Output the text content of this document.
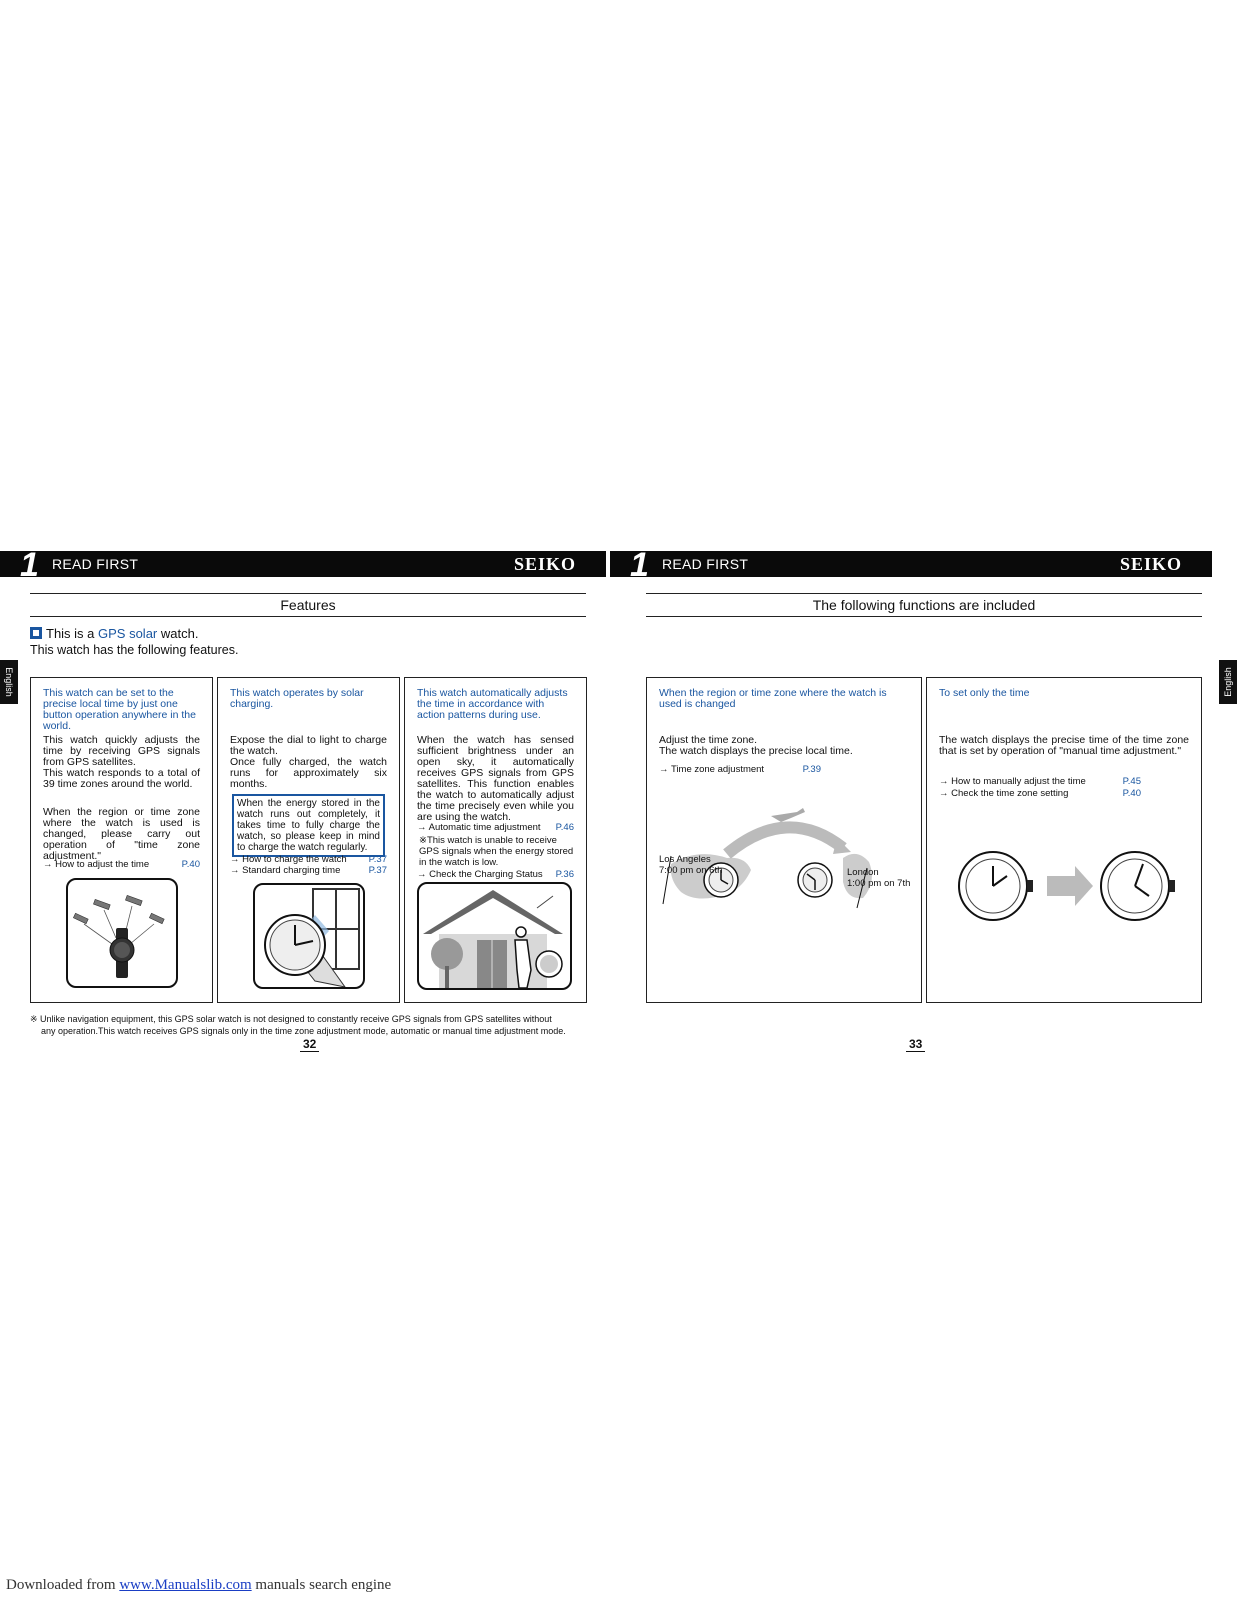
1 READ FIRST	SEIKO 1 READ FIRST	SEIKO
Features	The following functions are included
English	English
This is a GPS solar watch.
This watch has the following features.
This watch can be set to the precise local time by just one button operation anywhere in the world.
This watch quickly adjusts the time by receiving GPS signals from GPS satellites.
This watch responds to a total of 39 time zones around the world.
When the region or time zone where the watch is used is changed, please carry out operation of "time zone adjustment."
→ How to adjust the time	P.40
This watch operates by solar charging.
Expose the dial to light to charge the watch.
Once fully charged, the watch runs for approximately six months.
When the energy stored in the watch runs out completely, it takes time to fully charge the watch, so please keep in mind to charge the watch regularly.
→ How to charge the watch P.37
→ Standard charging time	P.37
This watch automatically adjusts the time in accordance with action patterns during use.
When the watch has sensed sufficient brightness under an open sky, it automatically receives GPS signals from GPS satellites. This function enables the watch to automatically adjust the time precisely even while you are using the watch.
→ Automatic time adjustment P.46
※This watch is unable to receive GPS signals when the energy stored in the watch is low.
→ Check the Charging Status P.36
※ Unlike navigation equipment, this GPS solar watch is not designed to constantly receive GPS signals from GPS satellites without
any operation.This watch receives GPS signals only in the time zone adjustment mode, automatic or manual time adjustment mode.
32
When the region or time zone where the watch is used is changed
Adjust the time zone.
The watch displays the precise local time.
→ Time zone adjustment	P.39
Los Angeles
7:00 pm on 6th	London
1:00 pm on 7th
To set only the time
The watch displays the precise time of the time zone that is set by operation of "manual time adjustment."
→ How to manually adjust the time	P.45
→ Check the time zone setting	P.40
33
Downloaded from www.Manualslib.com manuals search engine
